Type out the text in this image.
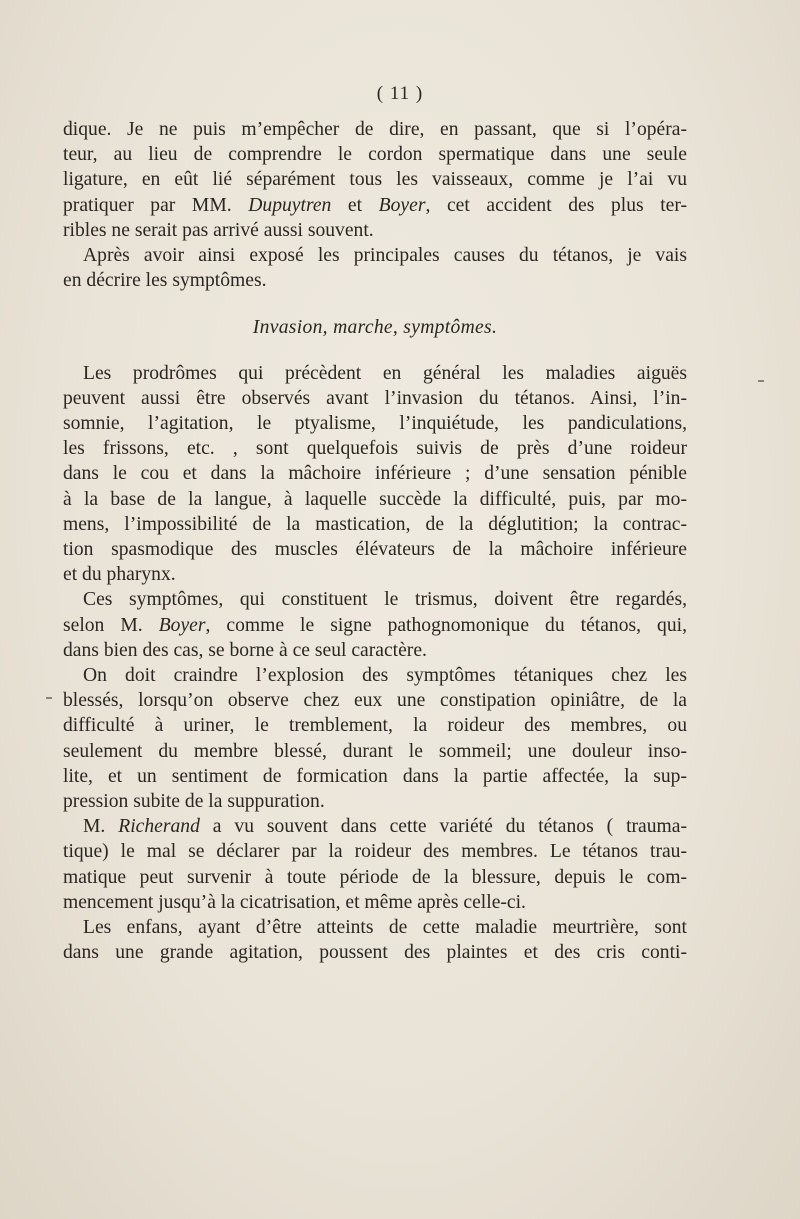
( 11 )

dique. Je ne puis m’empêcher de dire, en passant, que si l’opéra-

teur, au lieu de comprendre le cordon spermatique dans une seule

ligature, en eût lié séparément tous les vaisseaux, comme je l’ai vu

pratiquer par MM. Dupuytren et Boyer, cet accident des plus ter-

ribles ne serait pas arrivé aussi souvent.

Après avoir ainsi exposé les principales causes du tétanos, je vais

en décrire les symptômes.

Invasion, marche, symptômes.

Les prodrômes qui précèdent en général les maladies aiguës

peuvent aussi être observés avant l’invasion du tétanos. Ainsi, l’in-

somnie, l’agitation, le ptyalisme, l’inquiétude, les pandiculations,

les frissons, etc. , sont quelquefois suivis de près d’une roideur

dans le cou et dans la mâchoire inférieure ; d’une sensation pénible

à la base de la langue, à laquelle succède la difficulté, puis, par mo-

mens, l’impossibilité de la mastication, de la déglutition; la contrac-

tion spasmodique des muscles élévateurs de la mâchoire inférieure

et du pharynx.

Ces symptômes, qui constituent le trismus, doivent être regardés,

selon M. Boyer, comme le signe pathognomonique du tétanos, qui,

dans bien des cas, se borne à ce seul caractère.

On doit craindre l’explosion des symptômes tétaniques chez les

blessés, lorsqu’on observe chez eux une constipation opiniâtre, de la

difficulté à uriner, le tremblement, la roideur des membres, ou

seulement du membre blessé, durant le sommeil; une douleur inso-

lite, et un sentiment de formication dans la partie affectée, la sup-

pression subite de la suppuration.

M. Richerand a vu souvent dans cette variété du tétanos ( trauma-

tique) le mal se déclarer par la roideur des membres. Le tétanos trau-

matique peut survenir à toute période de la blessure, depuis le com-

mencement jusqu’à la cicatrisation, et même après celle-ci.

Les enfans, ayant d’être atteints de cette maladie meurtrière, sont

dans une grande agitation, poussent des plaintes et des cris conti-
